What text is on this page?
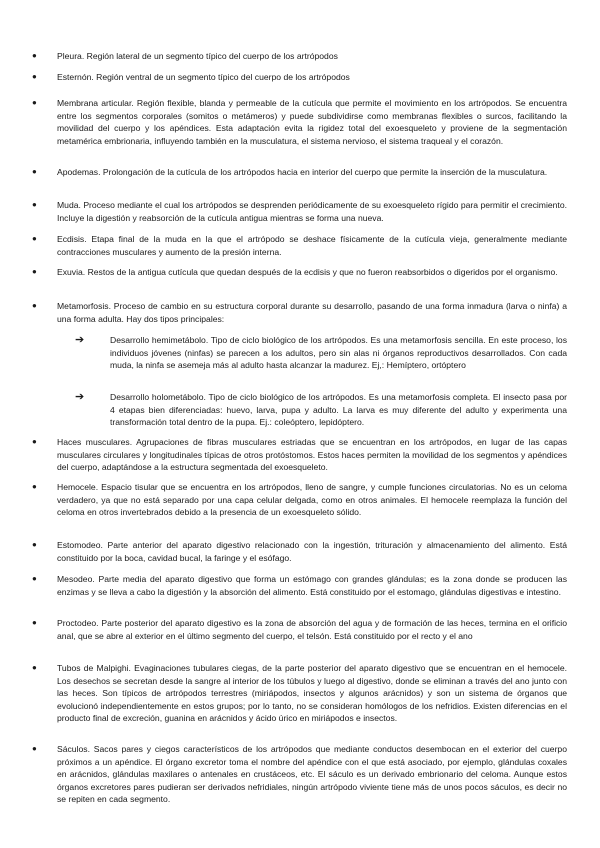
● Pleura. Región lateral de un segmento típico del cuerpo de los artrópodos
● Esternón. Región ventral de un segmento típico del cuerpo de los artrópodos
● Membrana articular. Región flexible, blanda y permeable de la cutícula que permite el movimiento en los artrópodos. Se encuentra entre los segmentos corporales (somitos o metámeros) y puede subdividirse como membranas flexibles o surcos, facilitando la movilidad del cuerpo y los apéndices. Esta adaptación evita la rigidez total del exoesqueleto y proviene de la segmentación metamérica embrionaria, influyendo también en la musculatura, el sistema nervioso, el sistema traqueal y el corazón.
● Apodemas. Prolongación de la cutícula de los artrópodos hacia en interior del cuerpo que permite la inserción de la musculatura.
● Muda. Proceso mediante el cual los artrópodos se desprenden periódicamente de su exoesqueleto rígido para permitir el crecimiento. Incluye la digestión y reabsorción de la cutícula antigua mientras se forma una nueva.
● Ecdisis. Etapa final de la muda en la que el artrópodo se deshace físicamente de la cutícula vieja, generalmente mediante contracciones musculares y aumento de la presión interna.
● Exuvia. Restos de la antigua cutícula que quedan después de la ecdisis y que no fueron reabsorbidos o digeridos por el organismo.
● Metamorfosis. Proceso de cambio en su estructura corporal durante su desarrollo, pasando de una forma inmadura (larva o ninfa) a una forma adulta. Hay dos tipos principales:
➔	Desarrollo hemimetábolo. Tipo de ciclo biológico de los artrópodos. Es una metamorfosis sencilla. En este proceso, los individuos jóvenes (ninfas) se parecen a los adultos, pero sin alas ni órganos reproductivos desarrollados. Con cada muda, la ninfa se asemeja más al adulto hasta alcanzar la madurez. Ej,: Hemíptero, ortóptero
➔	Desarrollo holometábolo. Tipo de ciclo biológico de los artrópodos. Es una metamorfosis completa. El insecto pasa por 4 etapas bien diferenciadas: huevo, larva, pupa y adulto. La larva es muy diferente del adulto y experimenta una transformación total dentro de la pupa. Ej.: coleóptero, lepidóptero.
● Haces musculares. Agrupaciones de fibras musculares estriadas que se encuentran en los artrópodos, en lugar de las capas musculares circulares y longitudinales típicas de otros protóstomos. Estos haces permiten la movilidad de los segmentos y apéndices del cuerpo, adaptándose a la estructura segmentada del exoesqueleto.
● Hemocele. Espacio tisular que se encuentra en los artrópodos, lleno de sangre, y cumple funciones circulatorias. No es un celoma verdadero, ya que no está separado por una capa celular delgada, como en otros animales. El hemocele reemplaza la función del celoma en otros invertebrados debido a la presencia de un exoesqueleto sólido.
● Estomodeo. Parte anterior del aparato digestivo relacionado con la ingestión, trituración y almacenamiento del alimento. Está constituido por la boca, cavidad bucal, la faringe y el esófago.
● Mesodeo. Parte media del aparato digestivo que forma un estómago con grandes glándulas; es la zona donde se producen las enzimas y se lleva a cabo la digestión y la absorción del alimento. Está constituido por el estomago, glándulas digestivas e intestino.
● Proctodeo. Parte posterior del aparato digestivo es la zona de absorción del agua y de formación de las heces, termina en el orificio anal, que se abre al exterior en el último segmento del cuerpo, el telsón. Está constituido por el recto y el ano
● Tubos de Malpighi. Evaginaciones tubulares ciegas, de la parte posterior del aparato digestivo que se encuentran en el hemocele. Los desechos se secretan desde la sangre al interior de los túbulos y luego al digestivo, donde se eliminan a través del ano junto con las heces. Son típicos de artrópodos terrestres (miriápodos, insectos y algunos arácnidos) y son un sistema de órganos que evolucionó independientemente en estos grupos; por lo tanto, no se consideran homólogos de los nefridios. Existen diferencias en el producto final de excreción, guanina en arácnidos y ácido úrico en miriápodos e insectos.
● Sáculos. Sacos pares y ciegos característicos de los artrópodos que mediante conductos desembocan en el exterior del cuerpo próximos a un apéndice. El órgano excretor toma el nombre del apéndice con el que está asociado, por ejemplo, glándulas coxales en arácnidos, glándulas maxilares o antenales en crustáceos, etc. El sáculo es un derivado embrionario del celoma. Aunque estos órganos excretores pares pudieran ser derivados nefridiales, ningún artrópodo viviente tiene más de unos pocos sáculos, es decir no se repiten en cada segmento.
